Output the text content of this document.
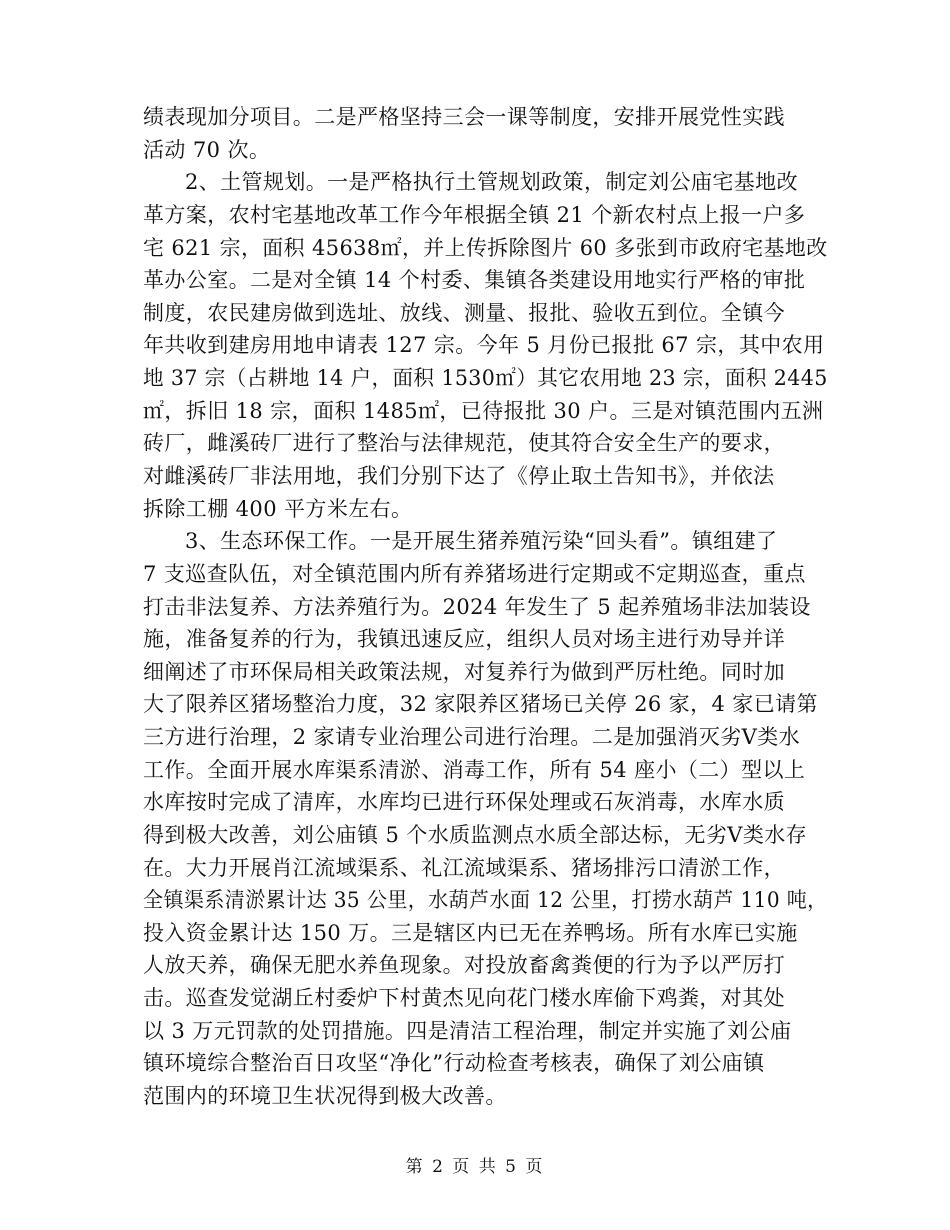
绩表现加分项目。二是严格坚持三会一课等制度，安排开展党性实践
活动 70 次。
2、土管规划。一是严格执行土管规划政策，制定刘公庙宅基地改
革方案，农村宅基地改革工作今年根据全镇 21 个新农村点上报一户多
宅 621 宗，面积 45638㎡，并上传拆除图片 60 多张到市政府宅基地改
革办公室。二是对全镇 14 个村委、集镇各类建设用地实行严格的审批
制度，农民建房做到选址、放线、测量、报批、验收五到位。全镇今
年共收到建房用地申请表 127 宗。今年 5 月份已报批 67 宗，其中农用
地 37 宗（占耕地 14 户，面积 1530㎡）其它农用地 23 宗，面积 2445
㎡，拆旧 18 宗，面积 1485㎡，已待报批 30 户。三是对镇范围内五洲
砖厂，雌溪砖厂进行了整治与法律规范，使其符合安全生产的要求，
对雌溪砖厂非法用地，我们分别下达了《停止取土告知书》，并依法
拆除工棚 400 平方米左右。
3、生态环保工作。一是开展生猪养殖污染“回头看”。镇组建了
7 支巡查队伍，对全镇范围内所有养猪场进行定期或不定期巡查，重点
打击非法复养、方法养殖行为。2024 年发生了 5 起养殖场非法加装设
施，准备复养的行为，我镇迅速反应，组织人员对场主进行劝导并详
细阐述了市环保局相关政策法规，对复养行为做到严厉杜绝。同时加
大了限养区猪场整治力度，32 家限养区猪场已关停 26 家，4 家已请第
三方进行治理，2 家请专业治理公司进行治理。二是加强消灭劣Ⅴ类水
工作。全面开展水库渠系清淤、消毒工作，所有 54 座小（二）型以上
水库按时完成了清库，水库均已进行环保处理或石灰消毒，水库水质
得到极大改善，刘公庙镇 5 个水质监测点水质全部达标，无劣Ⅴ类水存
在。大力开展肖江流域渠系、礼江流域渠系、猪场排污口清淤工作，
全镇渠系清淤累计达 35 公里，水葫芦水面 12 公里，打捞水葫芦 110 吨，
投入资金累计达 150 万。三是辖区内已无在养鸭场。所有水库已实施
人放天养，确保无肥水养鱼现象。对投放畜禽粪便的行为予以严厉打
击。巡查发觉湖丘村委炉下村黄杰见向花门楼水库偷下鸡粪，对其处
以 3 万元罚款的处罚措施。四是清洁工程治理，制定并实施了刘公庙
镇环境综合整治百日攻坚“净化”行动检查考核表，确保了刘公庙镇
范围内的环境卫生状况得到极大改善。
第 2 页 共 5 页
